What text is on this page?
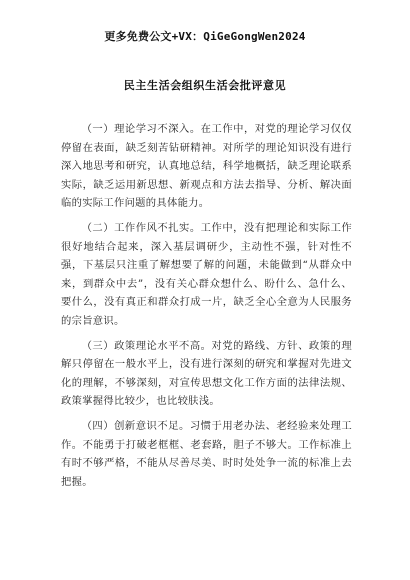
更多免费公文+VX：QiGeGongWen2024
民主生活会组织生活会批评意见

（一）理论学习不深入。在工作中，对党的理论学习仅仅停留在表面，缺乏刻苦钻研精神。对所学的理论知识没有进行深入地思考和研究，认真地总结，科学地概括，缺乏理论联系实际，缺乏运用新思想、新观点和方法去指导、分析、解决面临的实际工作问题的具体能力。

（二）工作作风不扎实。工作中，没有把理论和实际工作很好地结合起来，深入基层调研少，主动性不强，针对性不强，下基层只注重了解想要了解的问题，未能做到“从群众中来，到群众中去”，没有关心群众想什么、盼什么、急什么、要什么，没有真正和群众打成一片，缺乏全心全意为人民服务的宗旨意识。

（三）政策理论水平不高。对党的路线、方针、政策的理解只停留在一般水平上，没有进行深刻的研究和掌握对先进文化的理解，不够深刻，对宣传思想文化工作方面的法律法规、政策掌握得比较少，也比较肤浅。

（四）创新意识不足。习惯于用老办法、老经验来处理工作。不能勇于打破老框框、老套路，胆子不够大。工作标准上有时不够严格，不能从尽善尽美、时时处处争一流的标准上去把握。
